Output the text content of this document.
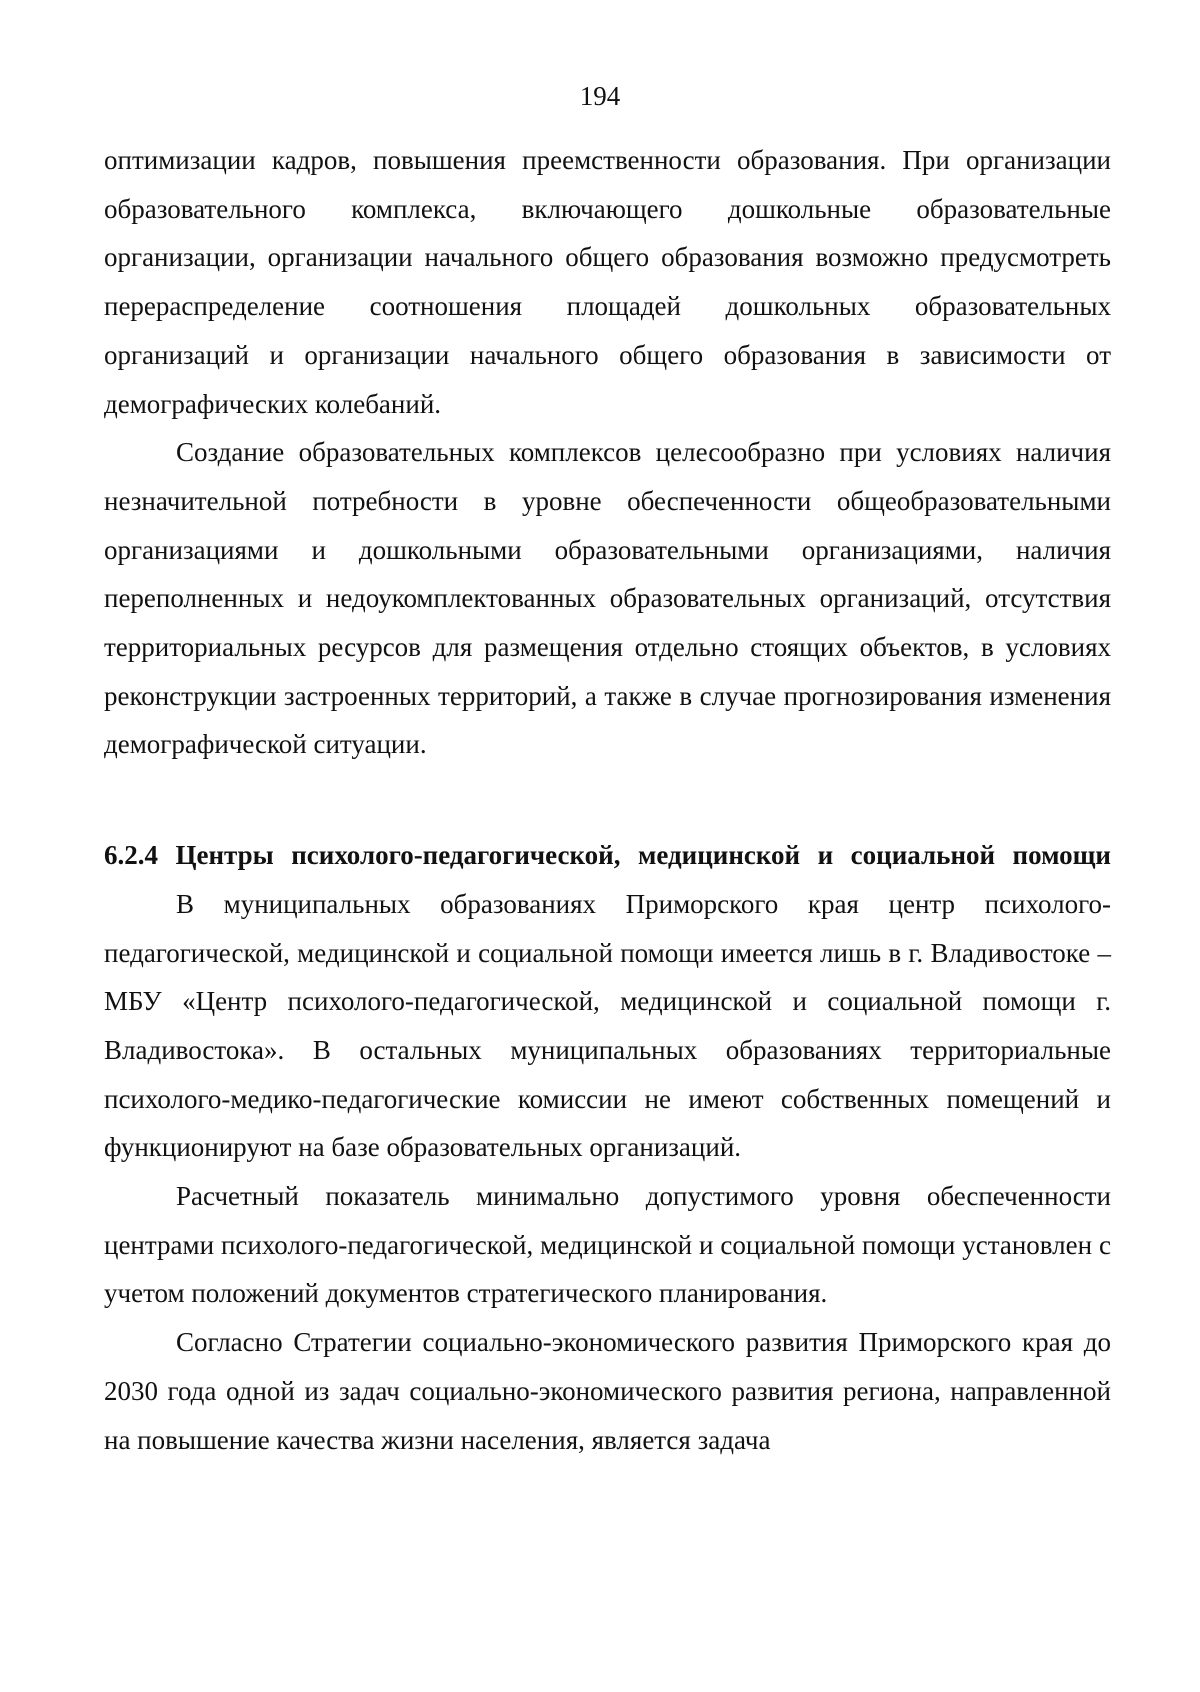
194

оптимизации кадров, повышения преемственности образования. При организации образовательного комплекса, включающего дошкольные образовательные организации, организации начального общего образования возможно предусмотреть перераспределение соотношения площадей дошкольных образовательных организаций и организации начального общего образования в зависимости от демографических колебаний.

Создание образовательных комплексов целесообразно при условиях наличия незначительной потребности в уровне обеспеченности общеобразовательными организациями и дошкольными образовательными организациями, наличия переполненных и недоукомплектованных образовательных организаций, отсутствия территориальных ресурсов для размещения отдельно стоящих объектов, в условиях реконструкции застроенных территорий, а также в случае прогнозирования изменения демографической ситуации.

6.2.4 Центры психолого-педагогической, медицинской и социальной помощи

В муниципальных образованиях Приморского края центр психолого-педагогической, медицинской и социальной помощи имеется лишь в г. Владивостоке – МБУ «Центр психолого-педагогической, медицинской и социальной помощи г. Владивостока». В остальных муниципальных образованиях территориальные психолого-медико-педагогические комиссии не имеют собственных помещений и функционируют на базе образовательных организаций.

Расчетный показатель минимально допустимого уровня обеспеченности центрами психолого-педагогической, медицинской и социальной помощи установлен с учетом положений документов стратегического планирования.

Согласно Стратегии социально-экономического развития Приморского края до 2030 года одной из задач социально-экономического развития региона, направленной на повышение качества жизни населения, является задача
